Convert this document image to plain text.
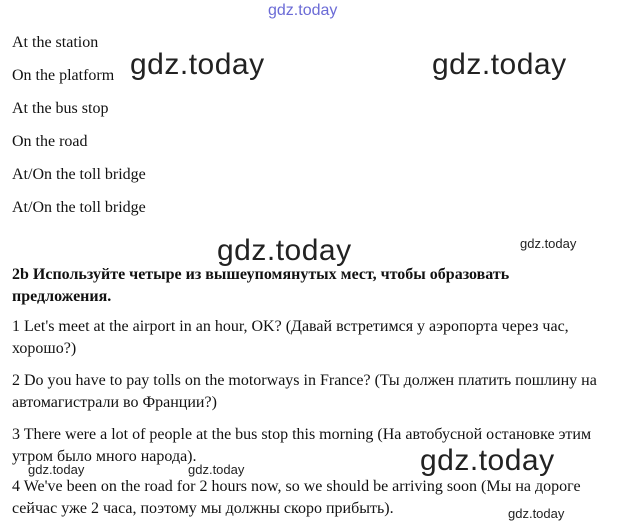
gdz.today
gdz.today	gdz.today
gdz.today	gdz.today
gdz.today	gdz.today	gdz.today
gdz.today
At the station
On the platform
At the bus stop
On the road
At/On the toll bridge
At/On the toll bridge
2b Используйте четыре из вышеупомянутых мест, чтобы образовать предложения.
1 Let's meet at the airport in an hour, OK? (Давай встретимся у аэропорта через час, хорошо?)
2 Do you have to pay tolls on the motorways in France? (Ты должен платить пошлину на автомагистрали во Франции?)
3 There were a lot of people at the bus stop this morning (На автобусной остановке этим утром было много народа).
4 We've been on the road for 2 hours now, so we should be arriving soon (Мы на дороге сейчас уже 2 часа, поэтому мы должны скоро прибыть).
